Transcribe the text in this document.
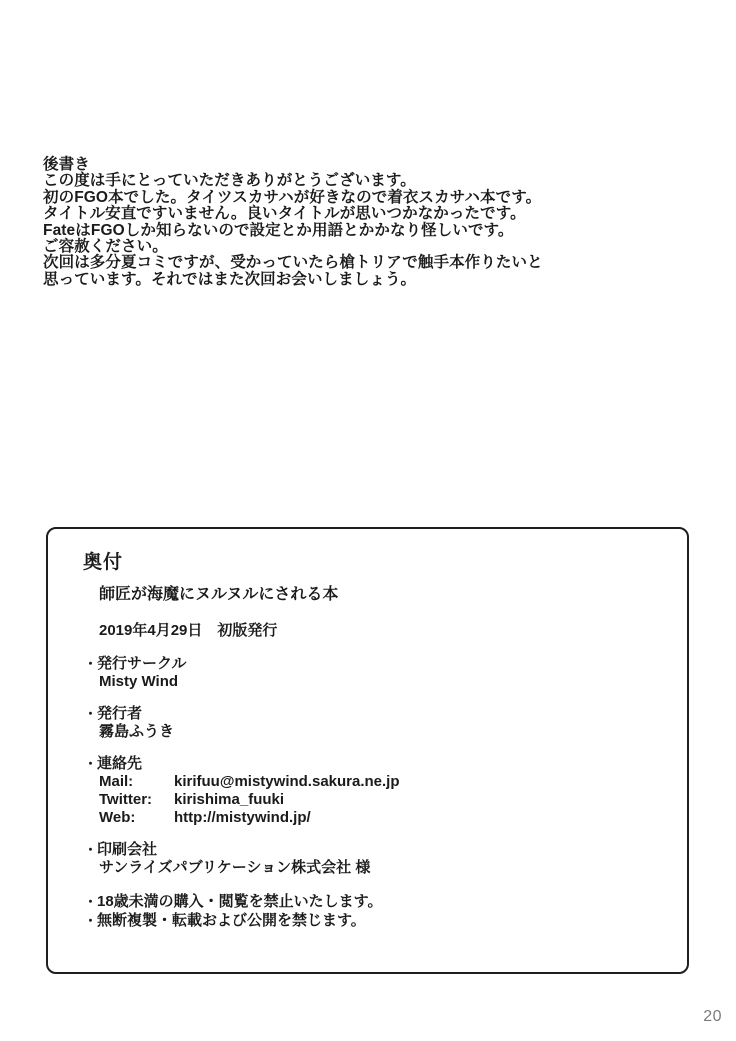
後書き
この度は手にとっていただきありがとうございます。
初のFGO本でした。タイツスカサハが好きなので着衣スカサハ本です。
タイトル安直ですいません。良いタイトルが思いつかなかったです。
FateはFGOしか知らないので設定とか用語とかかなり怪しいです。
ご容赦ください。
次回は多分夏コミですが、受かっていたら槍トリアで触手本作りたいと
思っています。それではまた次回お会いしましょう。
奥付
師匠が海魔にヌルヌルにされる本
2019年4月29日　初版発行
・ 発行サークル
Misty Wind
・ 発行者
霧島ふうき
・ 連絡先
Mail:	kirifuu@mistywind.sakura.ne.jp
Twitter:	kirishima_fuuki
Web:	http://mistywind.jp/
・ 印刷会社
サンライズパブリケーション株式会社 様
・ 18歳未満の購入・閲覧を禁止いたします。
・ 無断複製・転載および公開を禁じます。
20
